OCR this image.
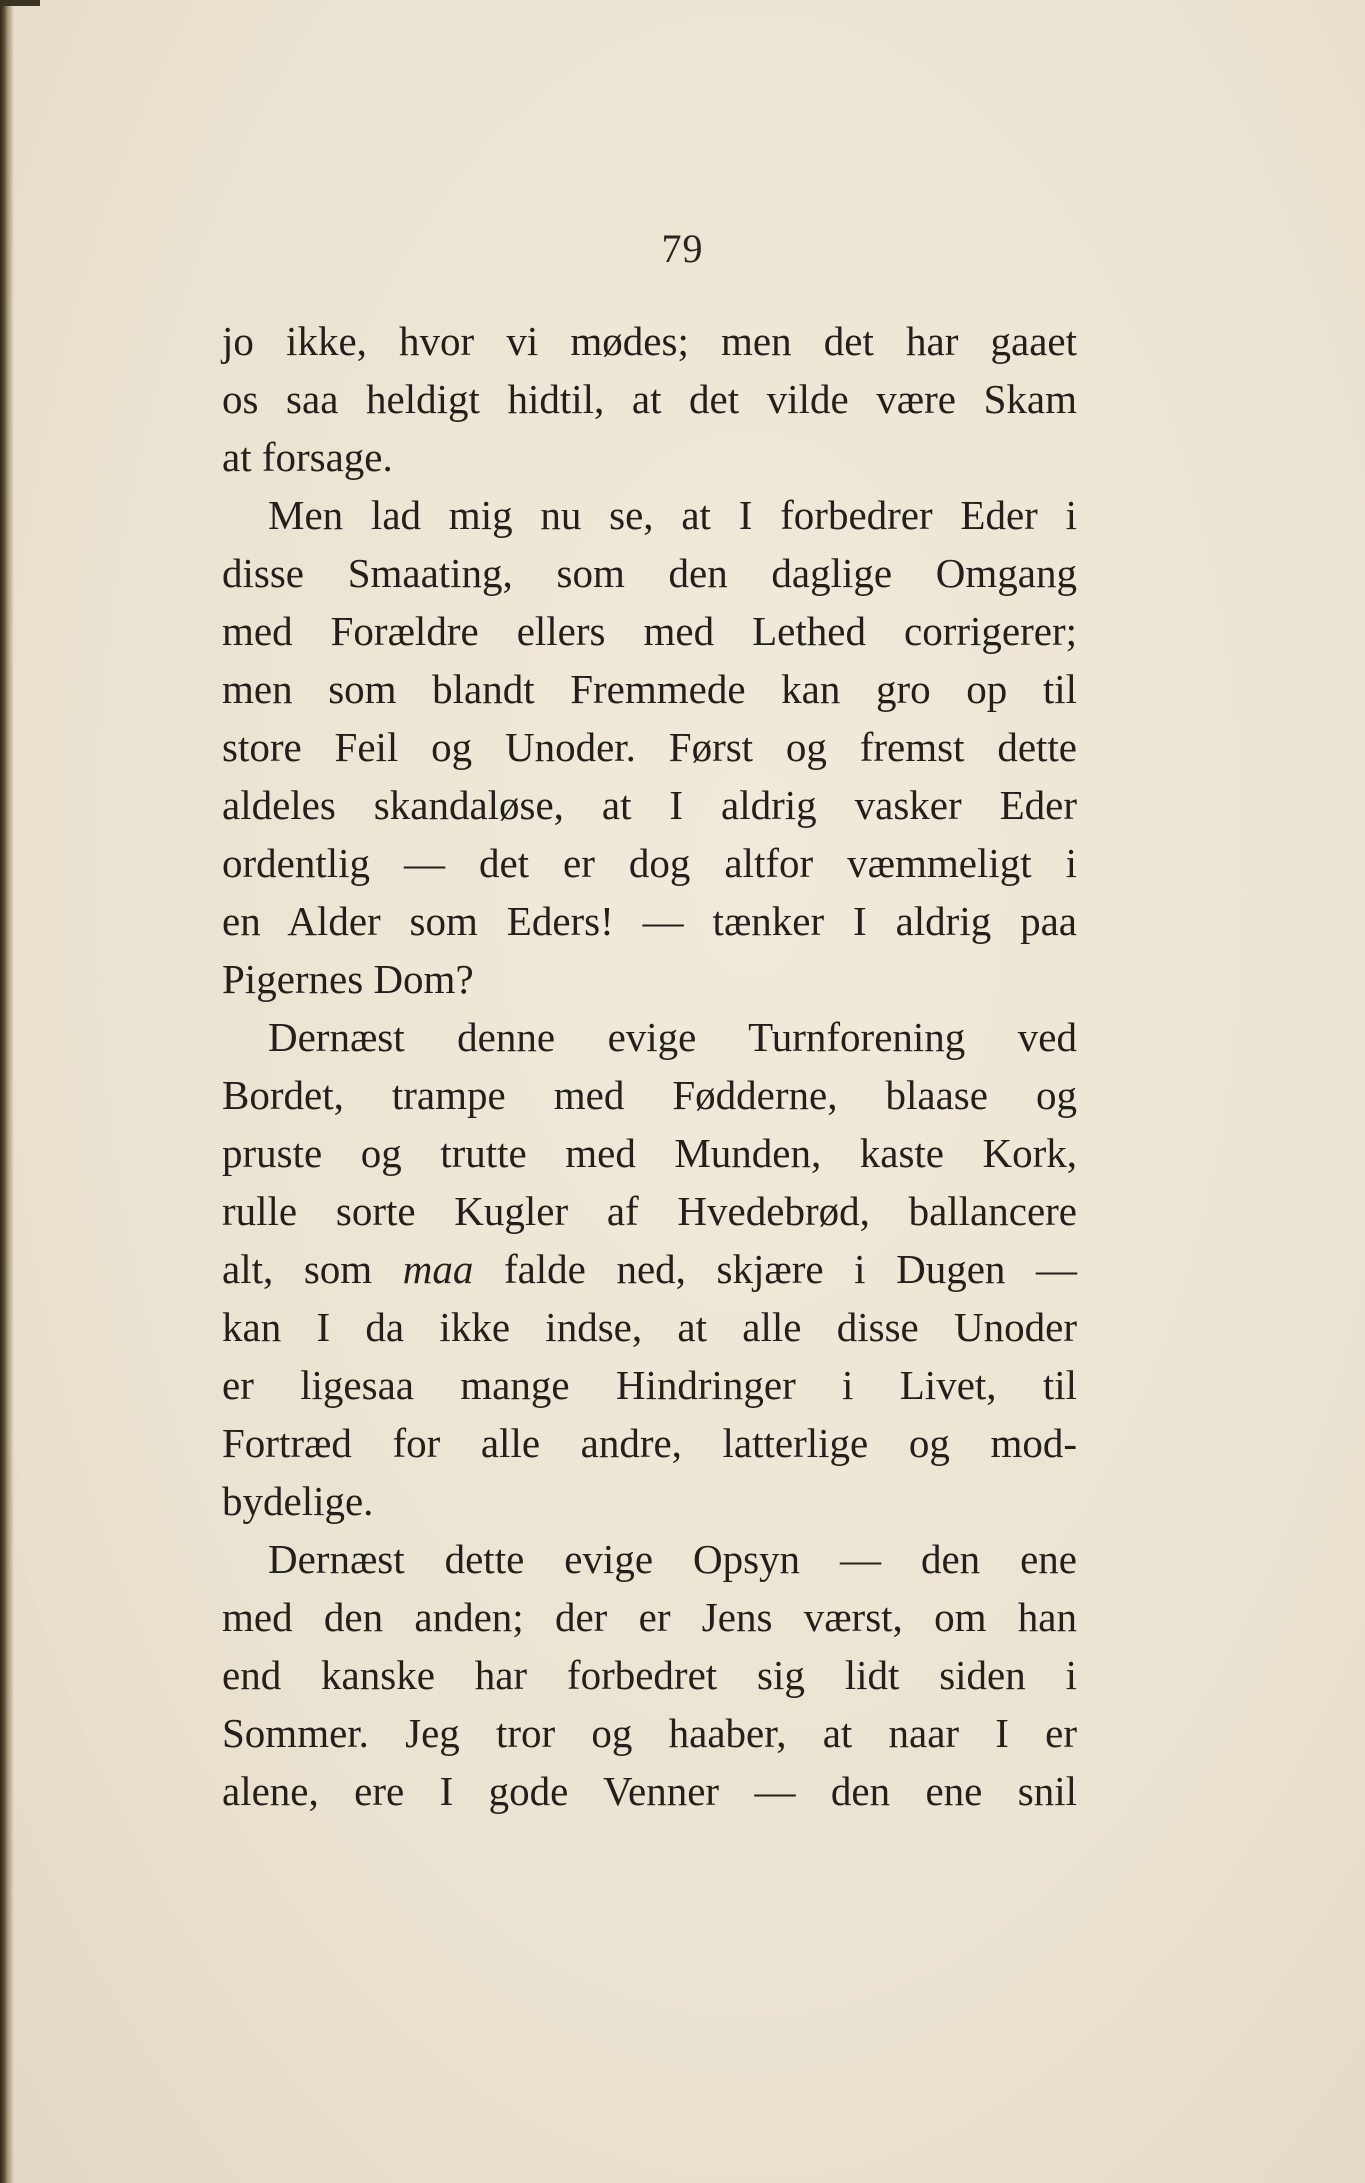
79
jo ikke, hvor vi mødes; men det har gaaet
os saa heldigt hidtil, at det vilde være Skam
at forsage.
Men lad mig nu se, at I forbedrer Eder i
disse Smaating, som den daglige Omgang
med Forældre ellers med Lethed corrigerer;
men som blandt Fremmede kan gro op til
store Feil og Unoder. Først og fremst dette
aldeles skandaløse, at I aldrig vasker Eder
ordentlig — det er dog altfor væmmeligt i
en Alder som Eders! — tænker I aldrig paa
Pigernes Dom?
Dernæst denne evige Turnforening ved
Bordet, trampe med Fødderne, blaase og
pruste og trutte med Munden, kaste Kork,
rulle sorte Kugler af Hvedebrød, ballancere
alt, som maa falde ned, skjære i Dugen —
kan I da ikke indse, at alle disse Unoder
er ligesaa mange Hindringer i Livet, til
Fortræd for alle andre, latterlige og mod-
bydelige.
Dernæst dette evige Opsyn — den ene
med den anden; der er Jens værst, om han
end kanske har forbedret sig lidt siden i
Sommer. Jeg tror og haaber, at naar I er
alene, ere I gode Venner — den ene snil
